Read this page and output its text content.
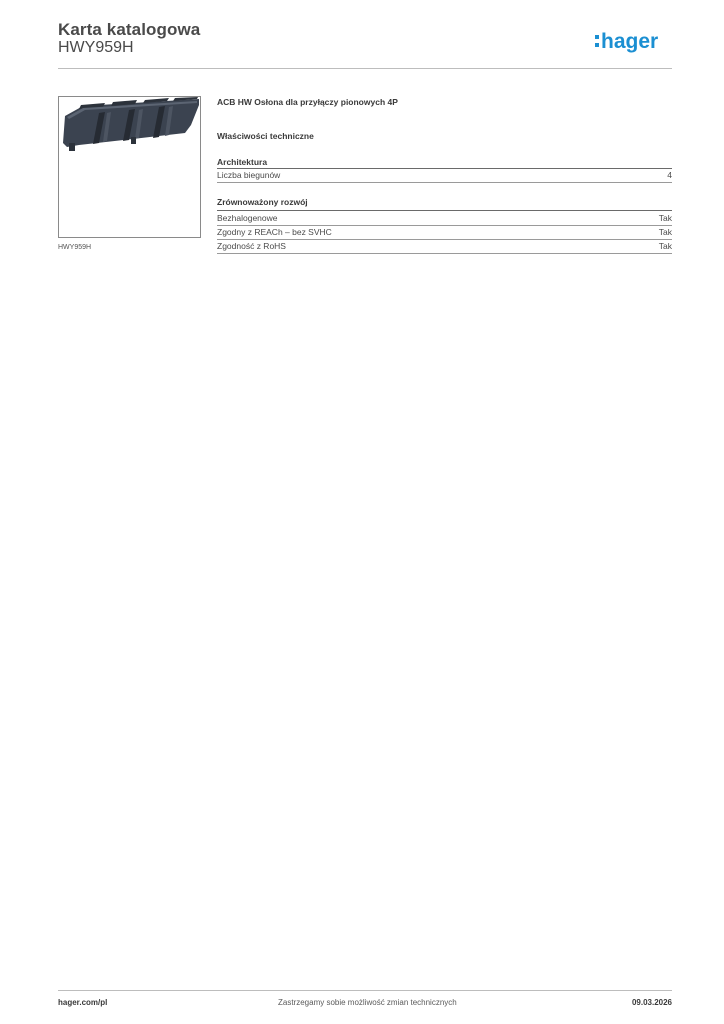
Karta katalogowa
HWY959H	hager
HWY959H
ACB HW Osłona dla przyłączy pionowych 4P
Właściwości techniczne
Architektura
Liczba biegunów	4
Zrównoważony rozwój
Bezhalogenowe	Tak
Zgodny z REACh – bez SVHC	Tak
Zgodność z RoHS	Tak
hager.com/pl	Zastrzegamy sobie możliwość zmian technicznych	09.03.2026
